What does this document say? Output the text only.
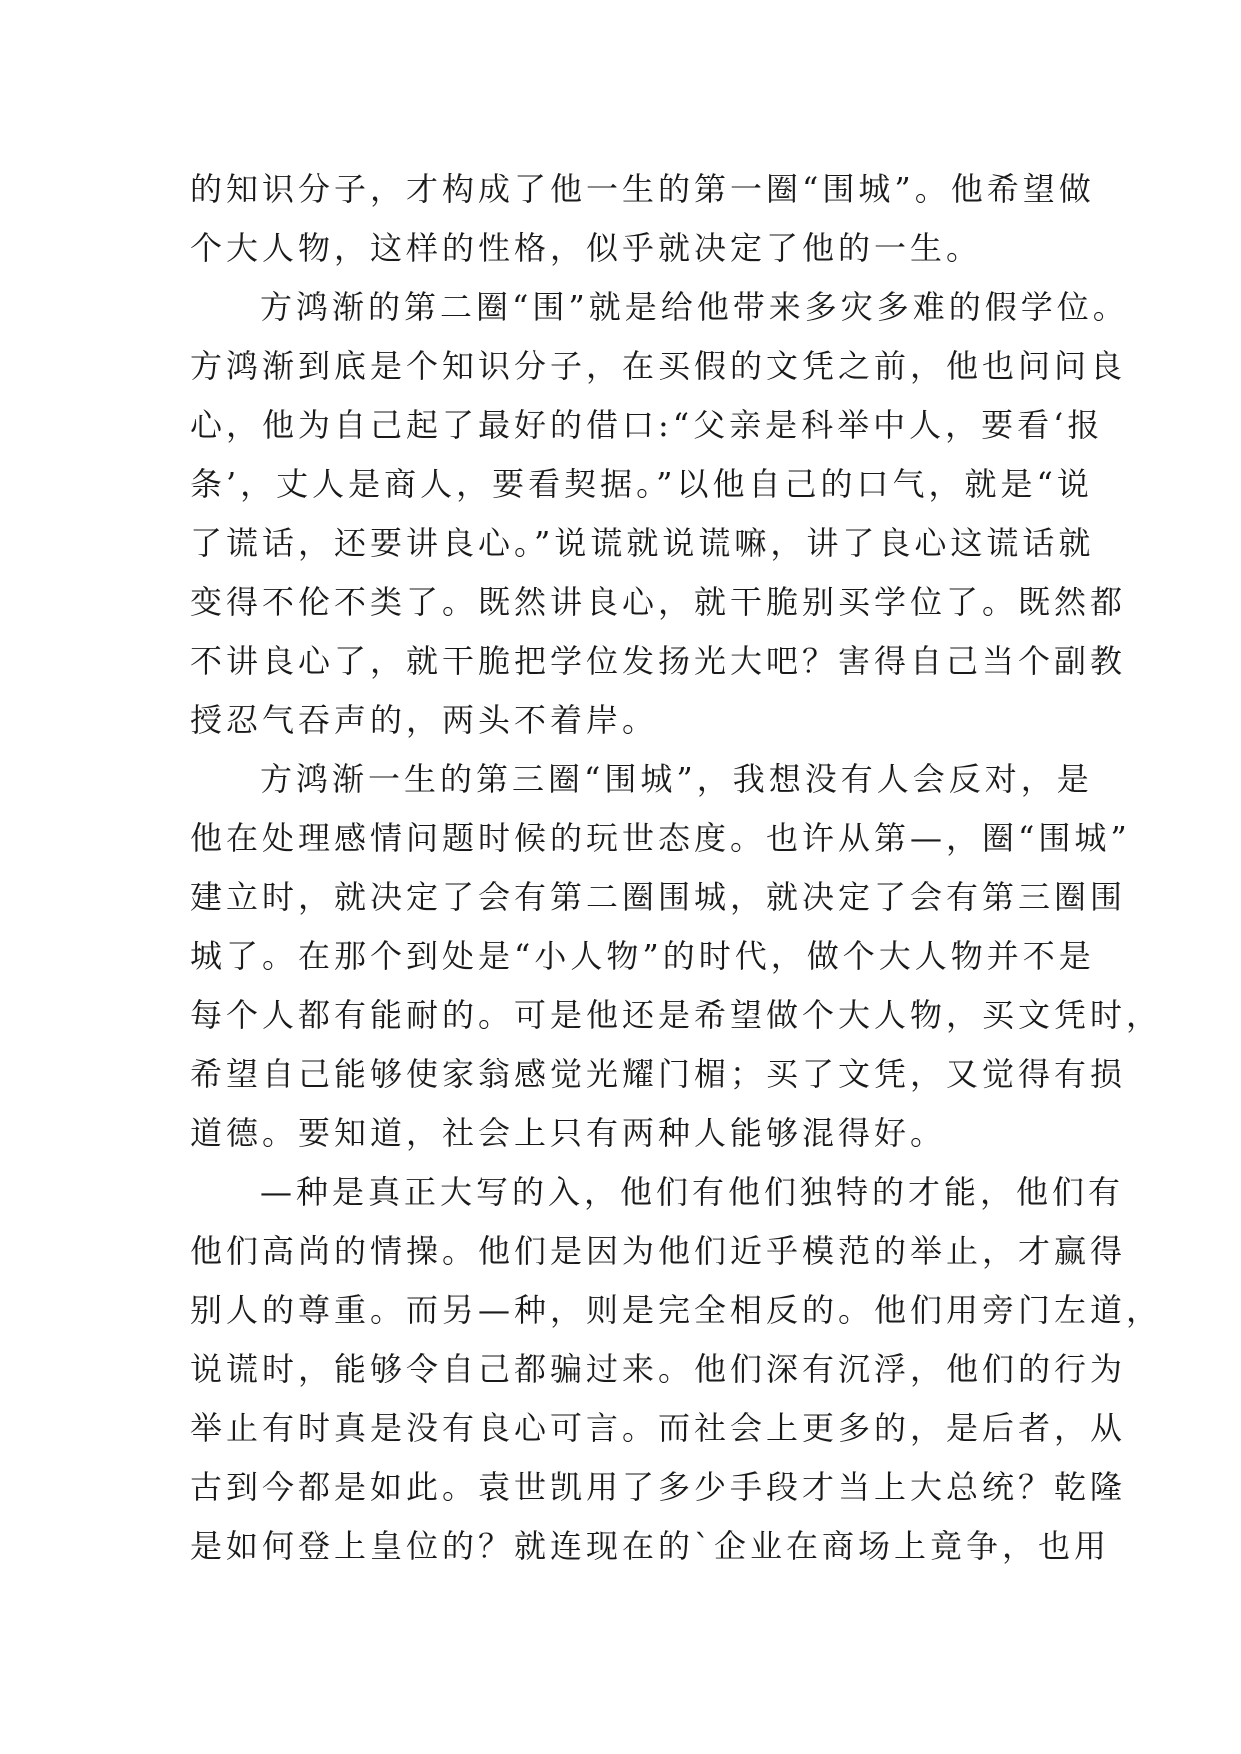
的知识分子，才构成了他一生的第一圈“围城”。他希望做
个大人物，这样的性格，似乎就决定了他的一生。
方鸿渐的第二圈“围”就是给他带来多灾多难的假学位。
方鸿渐到底是个知识分子，在买假的文凭之前，他也问问良
心，他为自己起了最好的借口:“父亲是科举中人，要看‘报
条’，丈人是商人，要看契据。”以他自己的口气，就是“说
了谎话，还要讲良心。”说谎就说谎嘛，讲了良心这谎话就
变得不伦不类了。既然讲良心，就干脆别买学位了。既然都
不讲良心了，就干脆把学位发扬光大吧？害得自己当个副教
授忍气吞声的，两头不着岸。
方鸿渐一生的第三圈“围城”，我想没有人会反对，是
他在处理感情问题时候的玩世态度。也许从第—，圈“围城”
建立时，就决定了会有第二圈围城，就决定了会有第三圈围
城了。在那个到处是“小人物”的时代，做个大人物并不是
每个人都有能耐的。可是他还是希望做个大人物，买文凭时，
希望自己能够使家翁感觉光耀门楣；买了文凭，又觉得有损
道德。要知道，社会上只有两种人能够混得好。
—种是真正大写的入，他们有他们独特的才能，他们有
他们高尚的情操。他们是因为他们近乎模范的举止，才赢得
别人的尊重。而另—种，则是完全相反的。他们用旁门左道，
说谎时，能够令自己都骗过来。他们深有沉浮，他们的行为
举止有时真是没有良心可言。而社会上更多的，是后者，从
古到今都是如此。袁世凯用了多少手段才当上大总统？乾隆
是如何登上皇位的？就连现在的`企业在商场上竟争，也用
